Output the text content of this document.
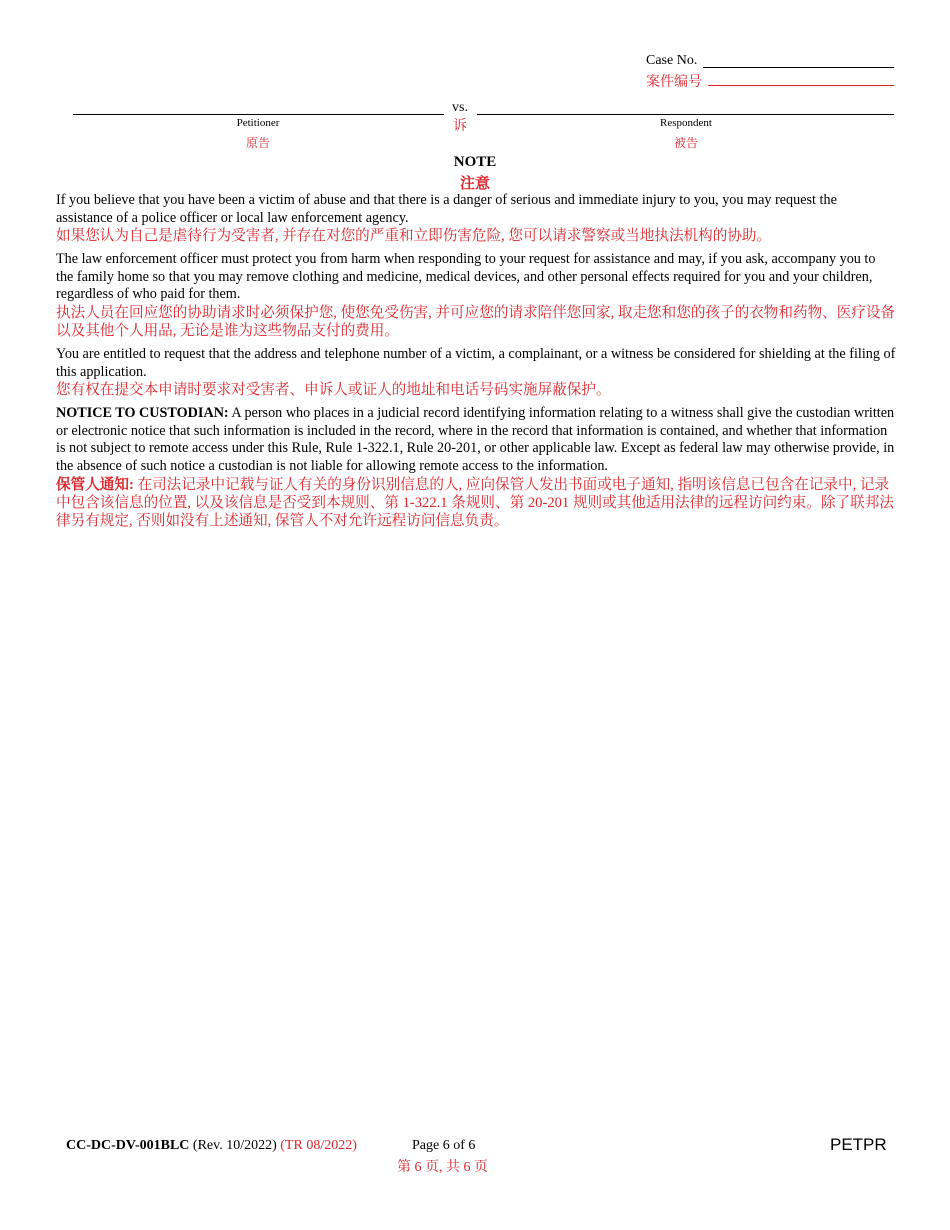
Case No.
案件编号
vs.
诉
Petitioner
原告
Respondent
被告
NOTE
注意

If you believe that you have been a victim of abuse and that there is a danger of serious and immediate injury to you, you may request the assistance of a police officer or local law enforcement agency.

如果您认为自己是虐待行为受害者, 并存在对您的严重和立即伤害危险, 您可以请求警察或当地执法机构的协助。

The law enforcement officer must protect you from harm when responding to your request for assistance and may, if you ask, accompany you to the family home so that you may remove clothing and medicine, medical devices, and other personal effects required for you and your children, regardless of who paid for them.

执法人员在回应您的协助请求时必须保护您, 使您免受伤害, 并可应您的请求陪伴您回家, 取走您和您的孩子的衣物和药物、医疗设备以及其他个人用品, 无论是谁为这些物品支付的费用。

You are entitled to request that the address and telephone number of a victim, a complainant, or a witness be considered for shielding at the filing of this application.

您有权在提交本申请时要求对受害者、申诉人或证人的地址和电话号码实施屏蔽保护。

NOTICE TO CUSTODIAN: A person who places in a judicial record identifying information relating to a witness shall give the custodian written or electronic notice that such information is included in the record, where in the record that information is contained, and whether that information is not subject to remote access under this Rule, Rule 1-322.1, Rule 20-201, or other applicable law. Except as federal law may otherwise provide, in the absence of such notice a custodian is not liable for allowing remote access to the information.

保管人通知: 在司法记录中记载与证人有关的身份识别信息的人, 应向保管人发出书面或电子通知, 指明该信息已包含在记录中, 记录中包含该信息的位置, 以及该信息是否受到本规则、第 1-322.1 条规则、第 20-201 规则或其他适用法律的远程访问约束。除了联邦法律另有规定, 否则如没有上述通知, 保管人不对允许远程访问信息负责。

CC-DC-DV-001BLC (Rev. 10/2022) (TR 08/2022)	Page 6 of 6
第 6 页, 共 6 页
PETPR
